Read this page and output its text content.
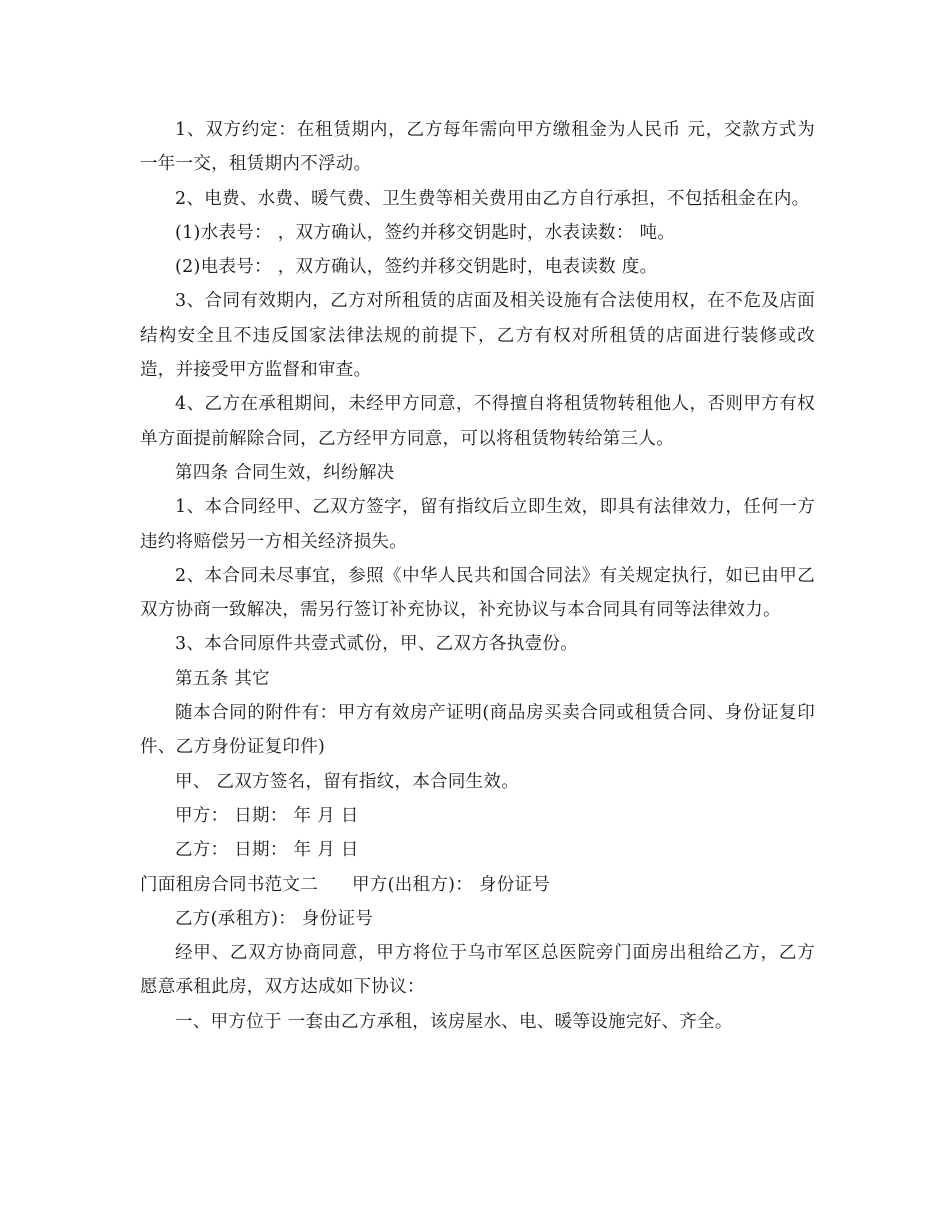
1、双方约定：在租赁期内，乙方每年需向甲方缴租金为人民币 元，交款方式为一年一交，租赁期内不浮动。

2、电费、水费、暖气费、卫生费等相关费用由乙方自行承担，不包括租金在内。

(1)水表号： ，双方确认，签约并移交钥匙时，水表读数： 吨。

(2)电表号： ，双方确认，签约并移交钥匙时，电表读数 度。

3、合同有效期内，乙方对所租赁的店面及相关设施有合法使用权，在不危及店面结构安全且不违反国家法律法规的前提下，乙方有权对所租赁的店面进行装修或改造，并接受甲方监督和审查。

4、乙方在承租期间，未经甲方同意，不得擅自将租赁物转租他人，否则甲方有权单方面提前解除合同，乙方经甲方同意，可以将租赁物转给第三人。

第四条 合同生效，纠纷解决

1、本合同经甲、乙双方签字，留有指纹后立即生效，即具有法律效力，任何一方违约将赔偿另一方相关经济损失。

2、本合同未尽事宜，参照《中华人民共和国合同法》有关规定执行，如已由甲乙双方协商一致解决，需另行签订补充协议，补充协议与本合同具有同等法律效力。

3、本合同原件共壹式贰份，甲、乙双方各执壹份。

第五条 其它

随本合同的附件有：甲方有效房产证明(商品房买卖合同或租赁合同、身份证复印件、乙方身份证复印件)

甲、 乙双方签名，留有指纹，本合同生效。

甲方： 日期： 年 月 日

乙方： 日期： 年 月 日

门面租房合同书范文二 甲方(出租方)： 身份证号

乙方(承租方)： 身份证号

经甲、乙双方协商同意，甲方将位于乌市军区总医院旁门面房出租给乙方，乙方愿意承租此房，双方达成如下协议：

一、甲方位于 一套由乙方承租，该房屋水、电、暖等设施完好、齐全。
